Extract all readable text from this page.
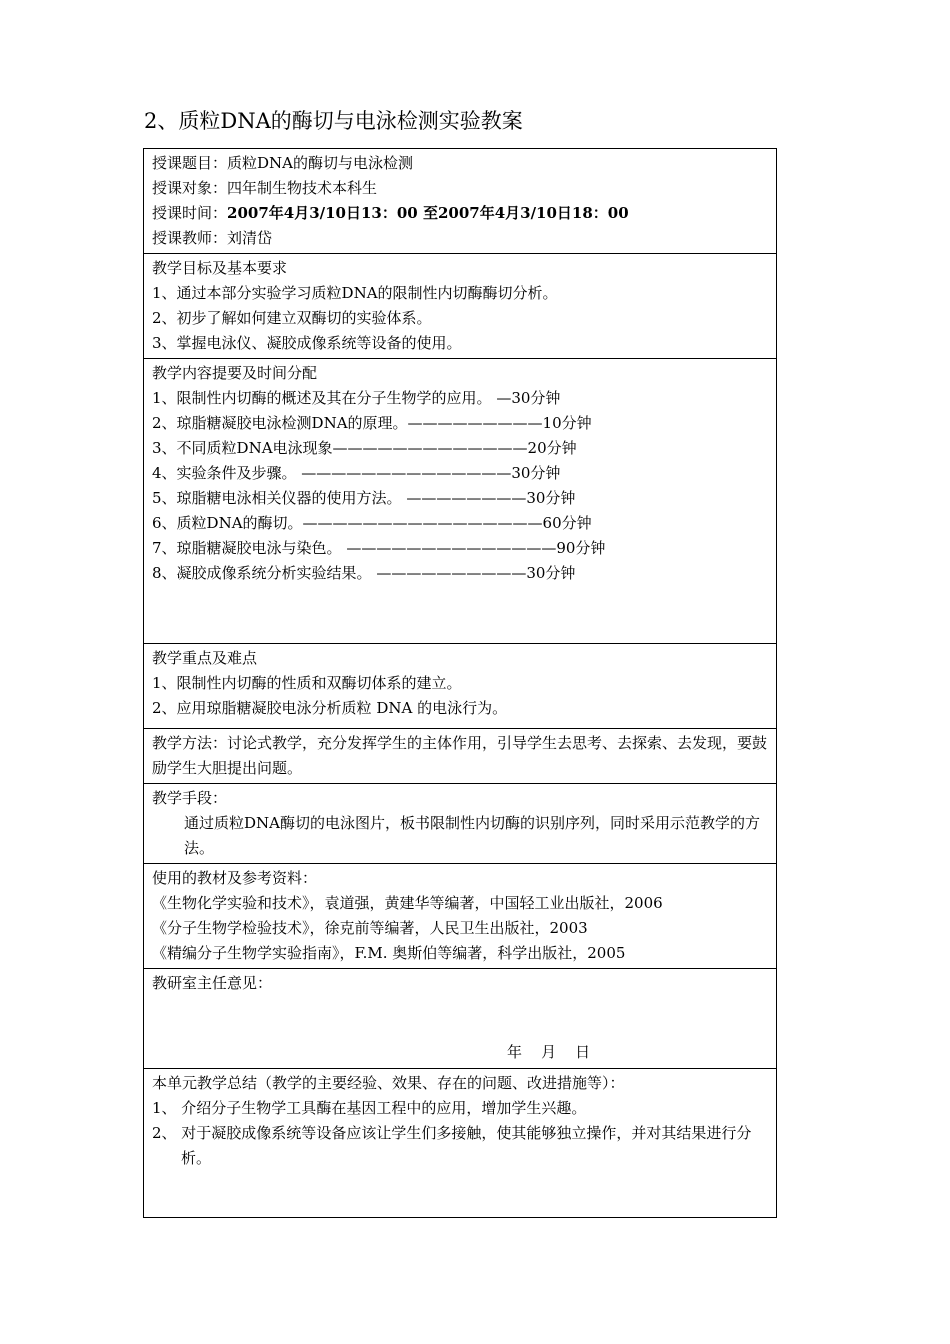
2、质粒DNA的酶切与电泳检测实验教案
授课题目：质粒DNA的酶切与电泳检测
授课对象：四年制生物技术本科生
授课时间：2007年4月3/10日13：00 至2007年4月3/10日18：00
授课教师：刘清岱

教学目标及基本要求
1、通过本部分实验学习质粒DNA的限制性内切酶酶切分析。
2、初步了解如何建立双酶切的实验体系。
3、掌握电泳仪、凝胶成像系统等设备的使用。

教学内容提要及时间分配
1、限制性内切酶的概述及其在分子生物学的应用。 —30分钟
2、琼脂糖凝胶电泳检测DNA的原理。—————————10分钟
3、不同质粒DNA电泳现象—————————————20分钟
4、实验条件及步骤。 ——————————————30分钟
5、琼脂糖电泳相关仪器的使用方法。 ————————30分钟
6、质粒DNA的酶切。————————————————60分钟
7、琼脂糖凝胶电泳与染色。 ——————————————90分钟
8、凝胶成像系统分析实验结果。 ——————————30分钟

教学重点及难点
1、限制性内切酶的性质和双酶切体系的建立。
2、应用琼脂糖凝胶电泳分析质粒 DNA 的电泳行为。

教学方法：讨论式教学，充分发挥学生的主体作用，引导学生去思考、去探索、去发现，要鼓励学生大胆提出问题。

教学手段：
通过质粒DNA酶切的电泳图片，板书限制性内切酶的识别序列，同时采用示范教学的方法。

使用的教材及参考资料：
《生物化学实验和技术》，袁道强，黄建华等编著，中国轻工业出版社，2006
《分子生物学检验技术》，徐克前等编著，人民卫生出版社，2003
《精编分子生物学实验指南》，F.M. 奥斯伯等编著，科学出版社，2005

教研室主任意见：
年    月    日

本单元教学总结（教学的主要经验、效果、存在的问题、改进措施等）：
1、 介绍分子生物学工具酶在基因工程中的应用，增加学生兴趣。
2、 对于凝胶成像系统等设备应该让学生们多接触，使其能够独立操作，并对其结果进行分析。
